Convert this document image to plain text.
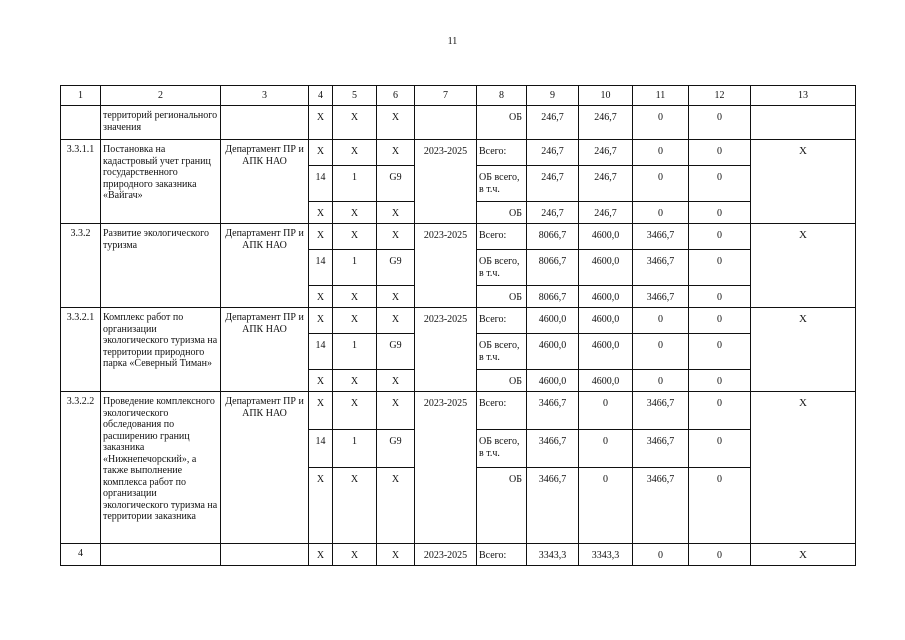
11
1	2	3	4	5	6	7	8	9	10	11	12	13
	территорий регионального значения		X	X	X		ОБ	246,7	246,7	0	0	
3.3.1.1	Постановка на кадастровый учет границ государственного природного заказника «Вайгач»	Департамент ПР и АПК НАО	X	X	X	2023-2025	Всего:	246,7	246,7	0	0	X
			14	1	G9		ОБ всего, в т.ч.	246,7	246,7	0	0	
			X	X	X		ОБ	246,7	246,7	0	0	
3.3.2	Развитие экологического туризма	Департамент ПР и АПК НАО	X	X	X	2023-2025	Всего:	8066,7	4600,0	3466,7	0	X
			14	1	G9		ОБ всего, в т.ч.	8066,7	4600,0	3466,7	0	
			X	X	X		ОБ	8066,7	4600,0	3466,7	0	
3.3.2.1	Комплекс работ по организации экологического туризма на территории природного парка «Северный Тиман»	Департамент ПР и АПК НАО	X	X	X	2023-2025	Всего:	4600,0	4600,0	0	0	X
			14	1	G9		ОБ всего, в т.ч.	4600,0	4600,0	0	0	
			X	X	X		ОБ	4600,0	4600,0	0	0	
3.3.2.2	Проведение комплексного экологического обследования по расширению границ заказника «Нижнепечорский», а также выполнение комплекса работ по организации экологического туризма на территории заказника	Департамент ПР и АПК НАО	X	X	X	2023-2025	Всего:	3466,7	0	3466,7	0	X
			14	1	G9		ОБ всего, в т.ч.	3466,7	0	3466,7	0	
			X	X	X		ОБ	3466,7	0	3466,7	0	
4			X	X	X	2023-2025	Всего:	3343,3	3343,3	0	0	X
